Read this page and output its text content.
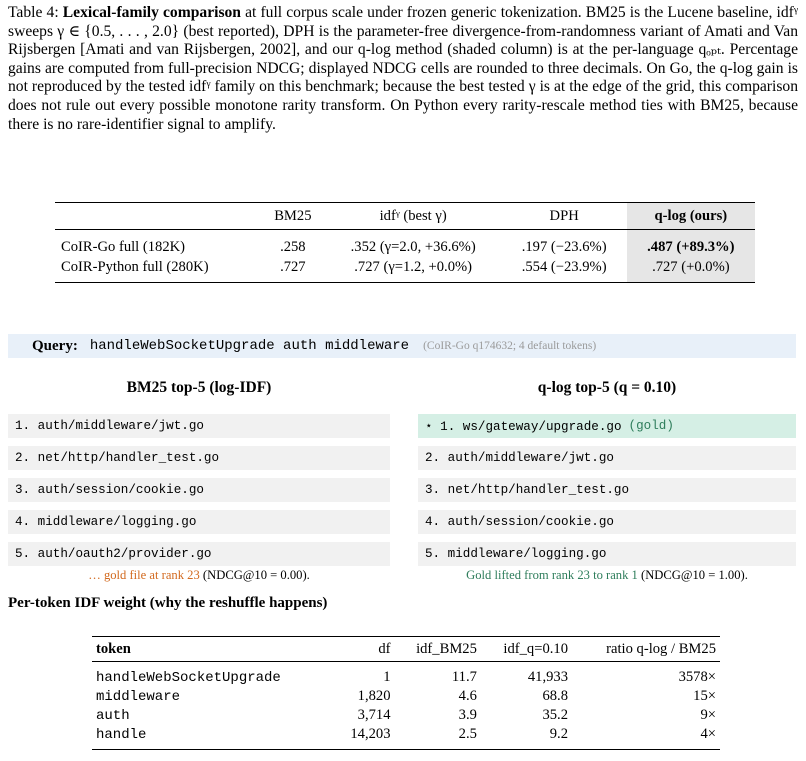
Table 4: Lexical-family comparison at full corpus scale under frozen generic tokenization. BM25 is the Lucene baseline, idfᵞ sweeps γ ∈ {0.5, . . . , 2.0} (best reported), DPH is the parameter-free divergence-from-randomness variant of Amati and Van Rijsbergen [Amati and van Rijsbergen, 2002], and our q-log method (shaded column) is at the per-language qₒₚₜ. Percentage gains are computed from full-precision NDCG; displayed NDCG cells are rounded to three decimals. On Go, the q-log gain is not reproduced by the tested idfᵞ family on this benchmark; because the best tested γ is at the edge of the grid, this comparison does not rule out every possible monotone rarity transform. On Python every rarity-rescale method ties with BM25, because there is no rare-identifier signal to amplify.
	BM25	idfᵞ (best γ)	DPH	q-log (ours)
CoIR-Go full (182K)	.258	.352 (γ=2.0, +36.6%)	.197 (−23.6%)	.487 (+89.3%)
CoIR-Python full (280K)	.727	.727 (γ=1.2, +0.0%)	.554 (−23.9%)	.727 (+0.0%)
Query: handleWebSocketUpgrade auth middleware (CoIR-Go q174632; 4 default tokens)
BM25 top-5 (log-IDF)
1. auth/middleware/jwt.go
2. net/http/handler_test.go
3. auth/session/cookie.go
4. middleware/logging.go
5. auth/oauth2/provider.go
… gold file at rank 23 (NDCG@10 = 0.00).
q-log top-5 (q = 0.10)
⋆ 1. ws/gateway/upgrade.go (gold)
2. auth/middleware/jwt.go
3. net/http/handler_test.go
4. auth/session/cookie.go
5. middleware/logging.go
Gold lifted from rank 23 to rank 1 (NDCG@10 = 1.00).
Per-token IDF weight (why the reshuffle happens)
token	df	idf_BM25	idf_q=0.10	ratio q-log / BM25
handleWebSocketUpgrade	1	11.7	41,933	3578×
middleware	1,820	4.6	68.8	15×
auth	3,714	3.9	35.2	9×
handle	14,203	2.5	9.2	4×
